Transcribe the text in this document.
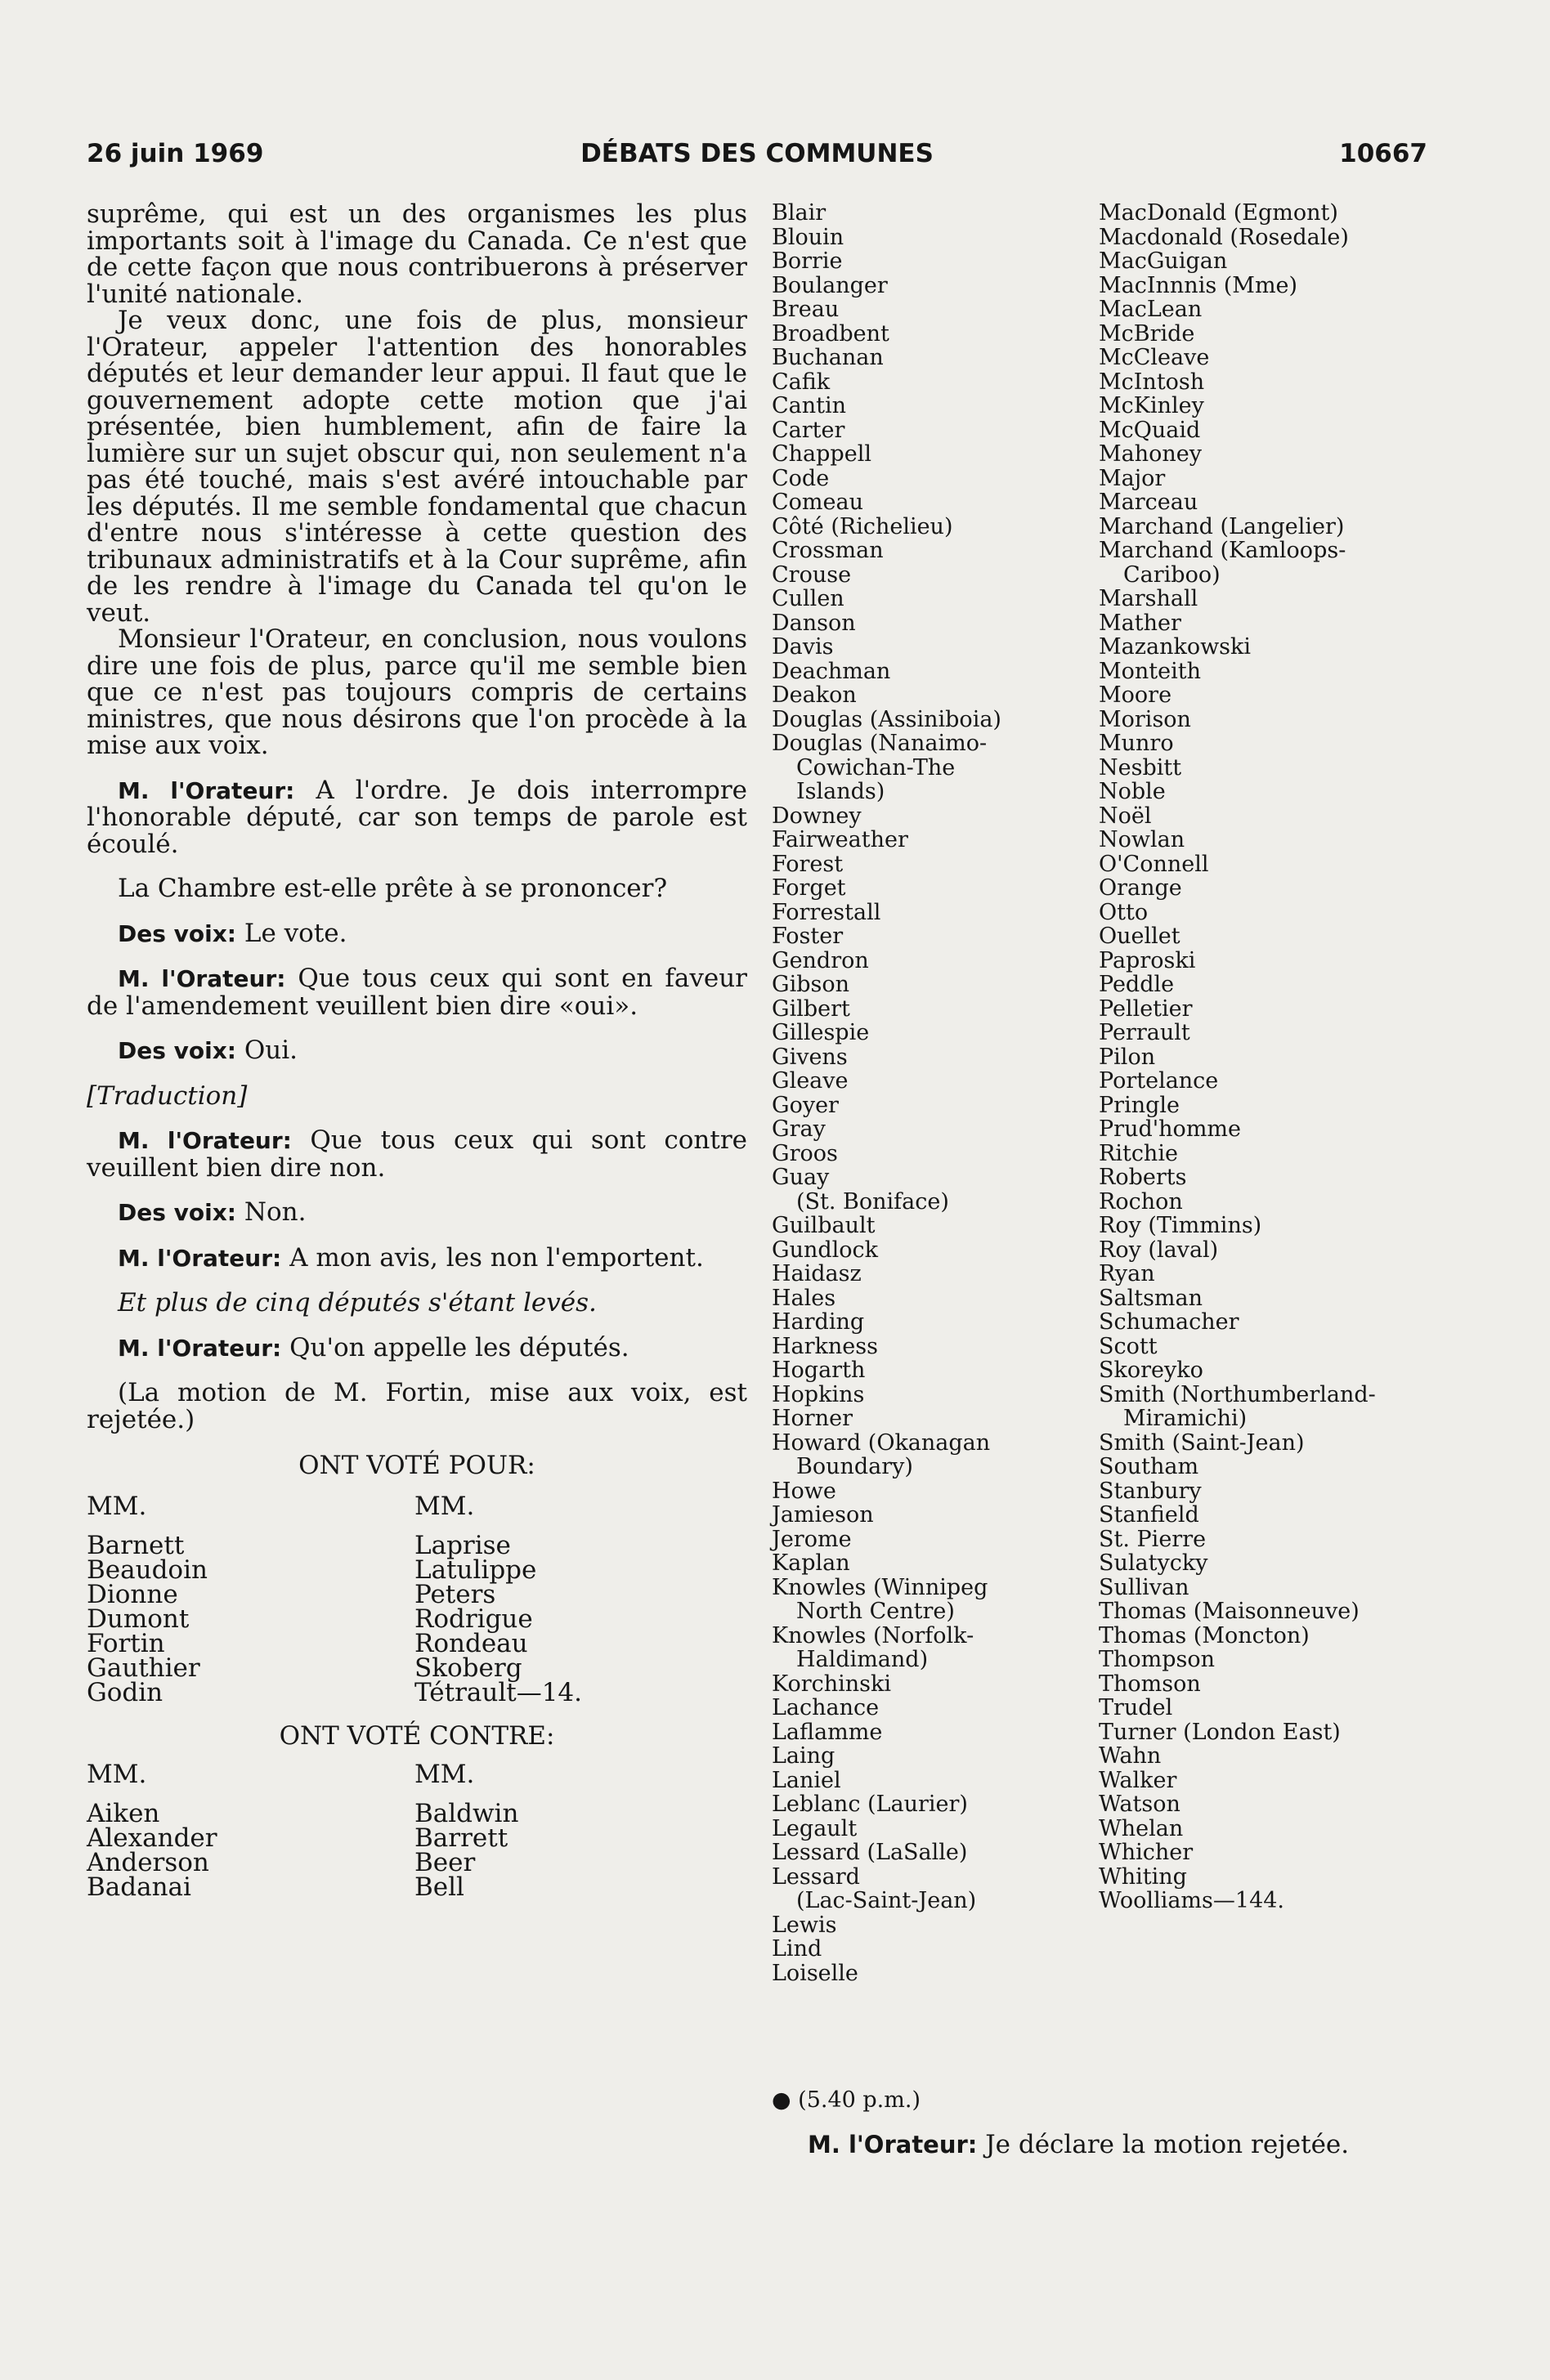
26 juin 1969	DÉBATS DES COMMUNES	10667

suprême, qui est un des organismes les plus importants soit à l'image du Canada. Ce n'est que de cette façon que nous contribuerons à préserver l'unité nationale.

Je veux donc, une fois de plus, monsieur l'Orateur, appeler l'attention des honorables députés et leur demander leur appui. Il faut que le gouvernement adopte cette motion que j'ai présentée, bien humblement, afin de faire la lumière sur un sujet obscur qui, non seulement n'a pas été touché, mais s'est avéré intouchable par les députés. Il me semble fondamental que chacun d'entre nous s'intéresse à cette question des tribunaux administratifs et à la Cour suprême, afin de les rendre à l'image du Canada tel qu'on le veut.

Monsieur l'Orateur, en conclusion, nous voulons dire une fois de plus, parce qu'il me semble bien que ce n'est pas toujours compris de certains ministres, que nous désirons que l'on procède à la mise aux voix.

M. l'Orateur: A l'ordre. Je dois interrompre l'honorable député, car son temps de parole est écoulé.

La Chambre est-elle prête à se prononcer?

Des voix: Le vote.

M. l'Orateur: Que tous ceux qui sont en faveur de l'amendement veuillent bien dire «oui».

Des voix: Oui.

[Traduction]

M. l'Orateur: Que tous ceux qui sont contre veuillent bien dire non.

Des voix: Non.

M. l'Orateur: A mon avis, les non l'emportent.

Et plus de cinq députés s'étant levés.

M. l'Orateur: Qu'on appelle les députés.

(La motion de M. Fortin, mise aux voix, est rejetée.)

ONT VOTÉ POUR:
MM.
Barnett
Beaudoin
Dionne
Dumont
Fortin
Gauthier
Godin
MM.
Laprise
Latulippe
Peters
Rodrigue
Rondeau
Skoberg
Tétrault—14.
ONT VOTÉ CONTRE:
MM.
Aiken
Alexander
Anderson
Badanai
MM.
Baldwin
Barrett
Beer
Bell
Blair
Blouin
Borrie
Boulanger
Breau
Broadbent
Buchanan
Cafik
Cantin
Carter
Chappell
Code
Comeau
Côté (Richelieu)
Crossman
Crouse
Cullen
Danson
Davis
Deachman
Deakon
Douglas (Assiniboia)
Douglas (Nanaimo-
Cowichan-The
Islands)
Downey
Fairweather
Forest
Forget
Forrestall
Foster
Gendron
Gibson
Gilbert
Gillespie
Givens
Gleave
Goyer
Gray
Groos
Guay
(St. Boniface)
Guilbault
Gundlock
Haidasz
Hales
Harding
Harkness
Hogarth
Hopkins
Horner
Howard (Okanagan
Boundary)
Howe
Jamieson
Jerome
Kaplan
Knowles (Winnipeg
North Centre)
Knowles (Norfolk-
Haldimand)
Korchinski
Lachance
Laflamme
Laing
Laniel
Leblanc (Laurier)
Legault
Lessard (LaSalle)
Lessard
(Lac-Saint-Jean)
Lewis
Lind
Loiselle
MacDonald (Egmont)
Macdonald (Rosedale)
MacGuigan
MacInnnis (Mme)
MacLean
McBride
McCleave
McIntosh
McKinley
McQuaid
Mahoney
Major
Marceau
Marchand (Langelier)
Marchand (Kamloops-
Cariboo)
Marshall
Mather
Mazankowski
Monteith
Moore
Morison
Munro
Nesbitt
Noble
Noël
Nowlan
O'Connell
Orange
Otto
Ouellet
Paproski
Peddle
Pelletier
Perrault
Pilon
Portelance
Pringle
Prud'homme
Ritchie
Roberts
Rochon
Roy (Timmins)
Roy (laval)
Ryan
Saltsman
Schumacher
Scott
Skoreyko
Smith (Northumberland-
Miramichi)
Smith (Saint-Jean)
Southam
Stanbury
Stanfield
St. Pierre
Sulatycky
Sullivan
Thomas (Maisonneuve)
Thomas (Moncton)
Thompson
Thomson
Trudel
Turner (London East)
Wahn
Walker
Watson
Whelan
Whicher
Whiting
Woolliams—144.
● (5.40 p.m.)
M. l'Orateur: Je déclare la motion rejetée.
